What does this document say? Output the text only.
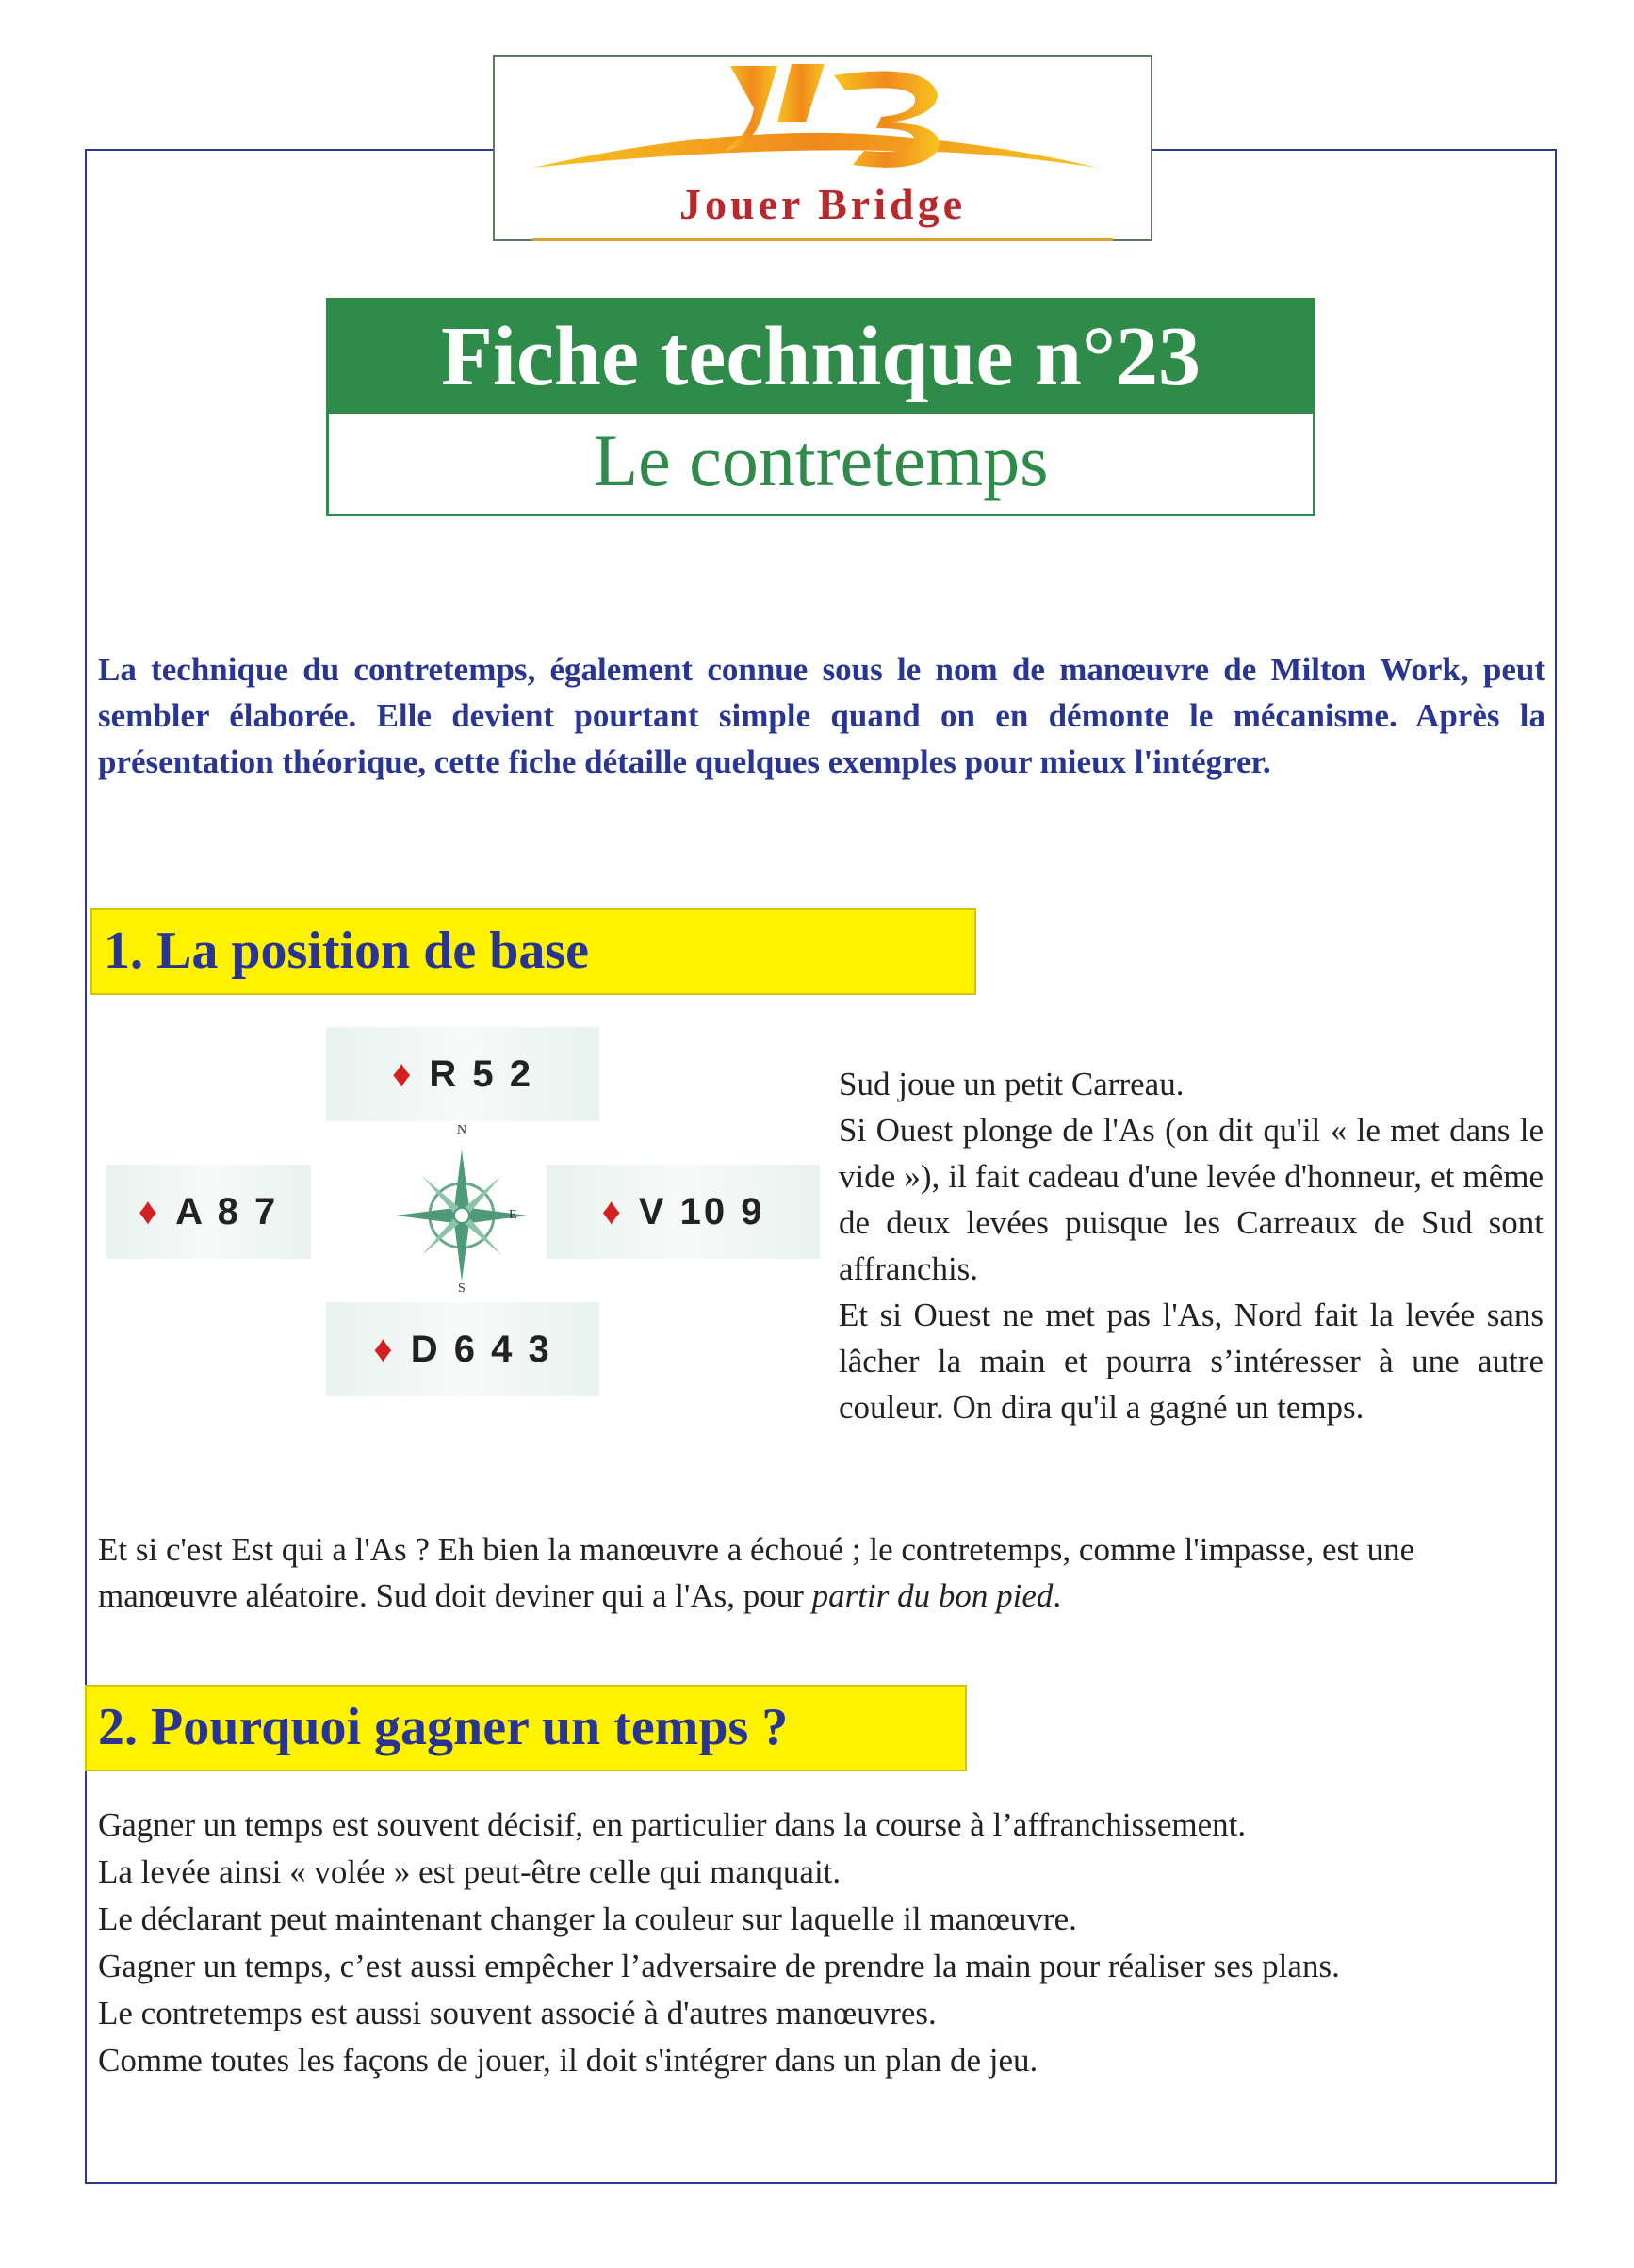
Jouer Bridge
Fiche technique n°23
Le contretemps
La technique du contretemps, également connue sous le nom de manœuvre de Milton Work, peut sembler élaborée. Elle devient pourtant simple quand on en démonte le mécanisme. Après la présentation théorique, cette fiche détaille quelques exemples pour mieux l'intégrer.
1. La position de base
♦ R 5 2
♦ A 8 7	♦ V 10 9
♦ D 6 4 3
N
S
E
Sud joue un petit Carreau.
Si Ouest plonge de l'As (on dit qu'il « le met dans le vide »), il fait cadeau d'une levée d'honneur, et même de deux levées puisque les Carreaux de Sud sont affranchis.
Et si Ouest ne met pas l'As, Nord fait la levée sans lâcher la main et pourra s’intéresser à une autre couleur. On dira qu'il a gagné un temps.
Et si c'est Est qui a l'As ? Eh bien la manœuvre a échoué ; le contretemps, comme l'impasse, est une manœuvre aléatoire. Sud doit deviner qui a l'As, pour partir du bon pied.
2. Pourquoi gagner un temps ?
Gagner un temps est souvent décisif, en particulier dans la course à l’affranchissement.
La levée ainsi « volée » est peut-être celle qui manquait.
Le déclarant peut maintenant changer la couleur sur laquelle il manœuvre.
Gagner un temps, c’est aussi empêcher l’adversaire de prendre la main pour réaliser ses plans.
Le contretemps est aussi souvent associé à d'autres manœuvres.
Comme toutes les façons de jouer, il doit s'intégrer dans un plan de jeu.
